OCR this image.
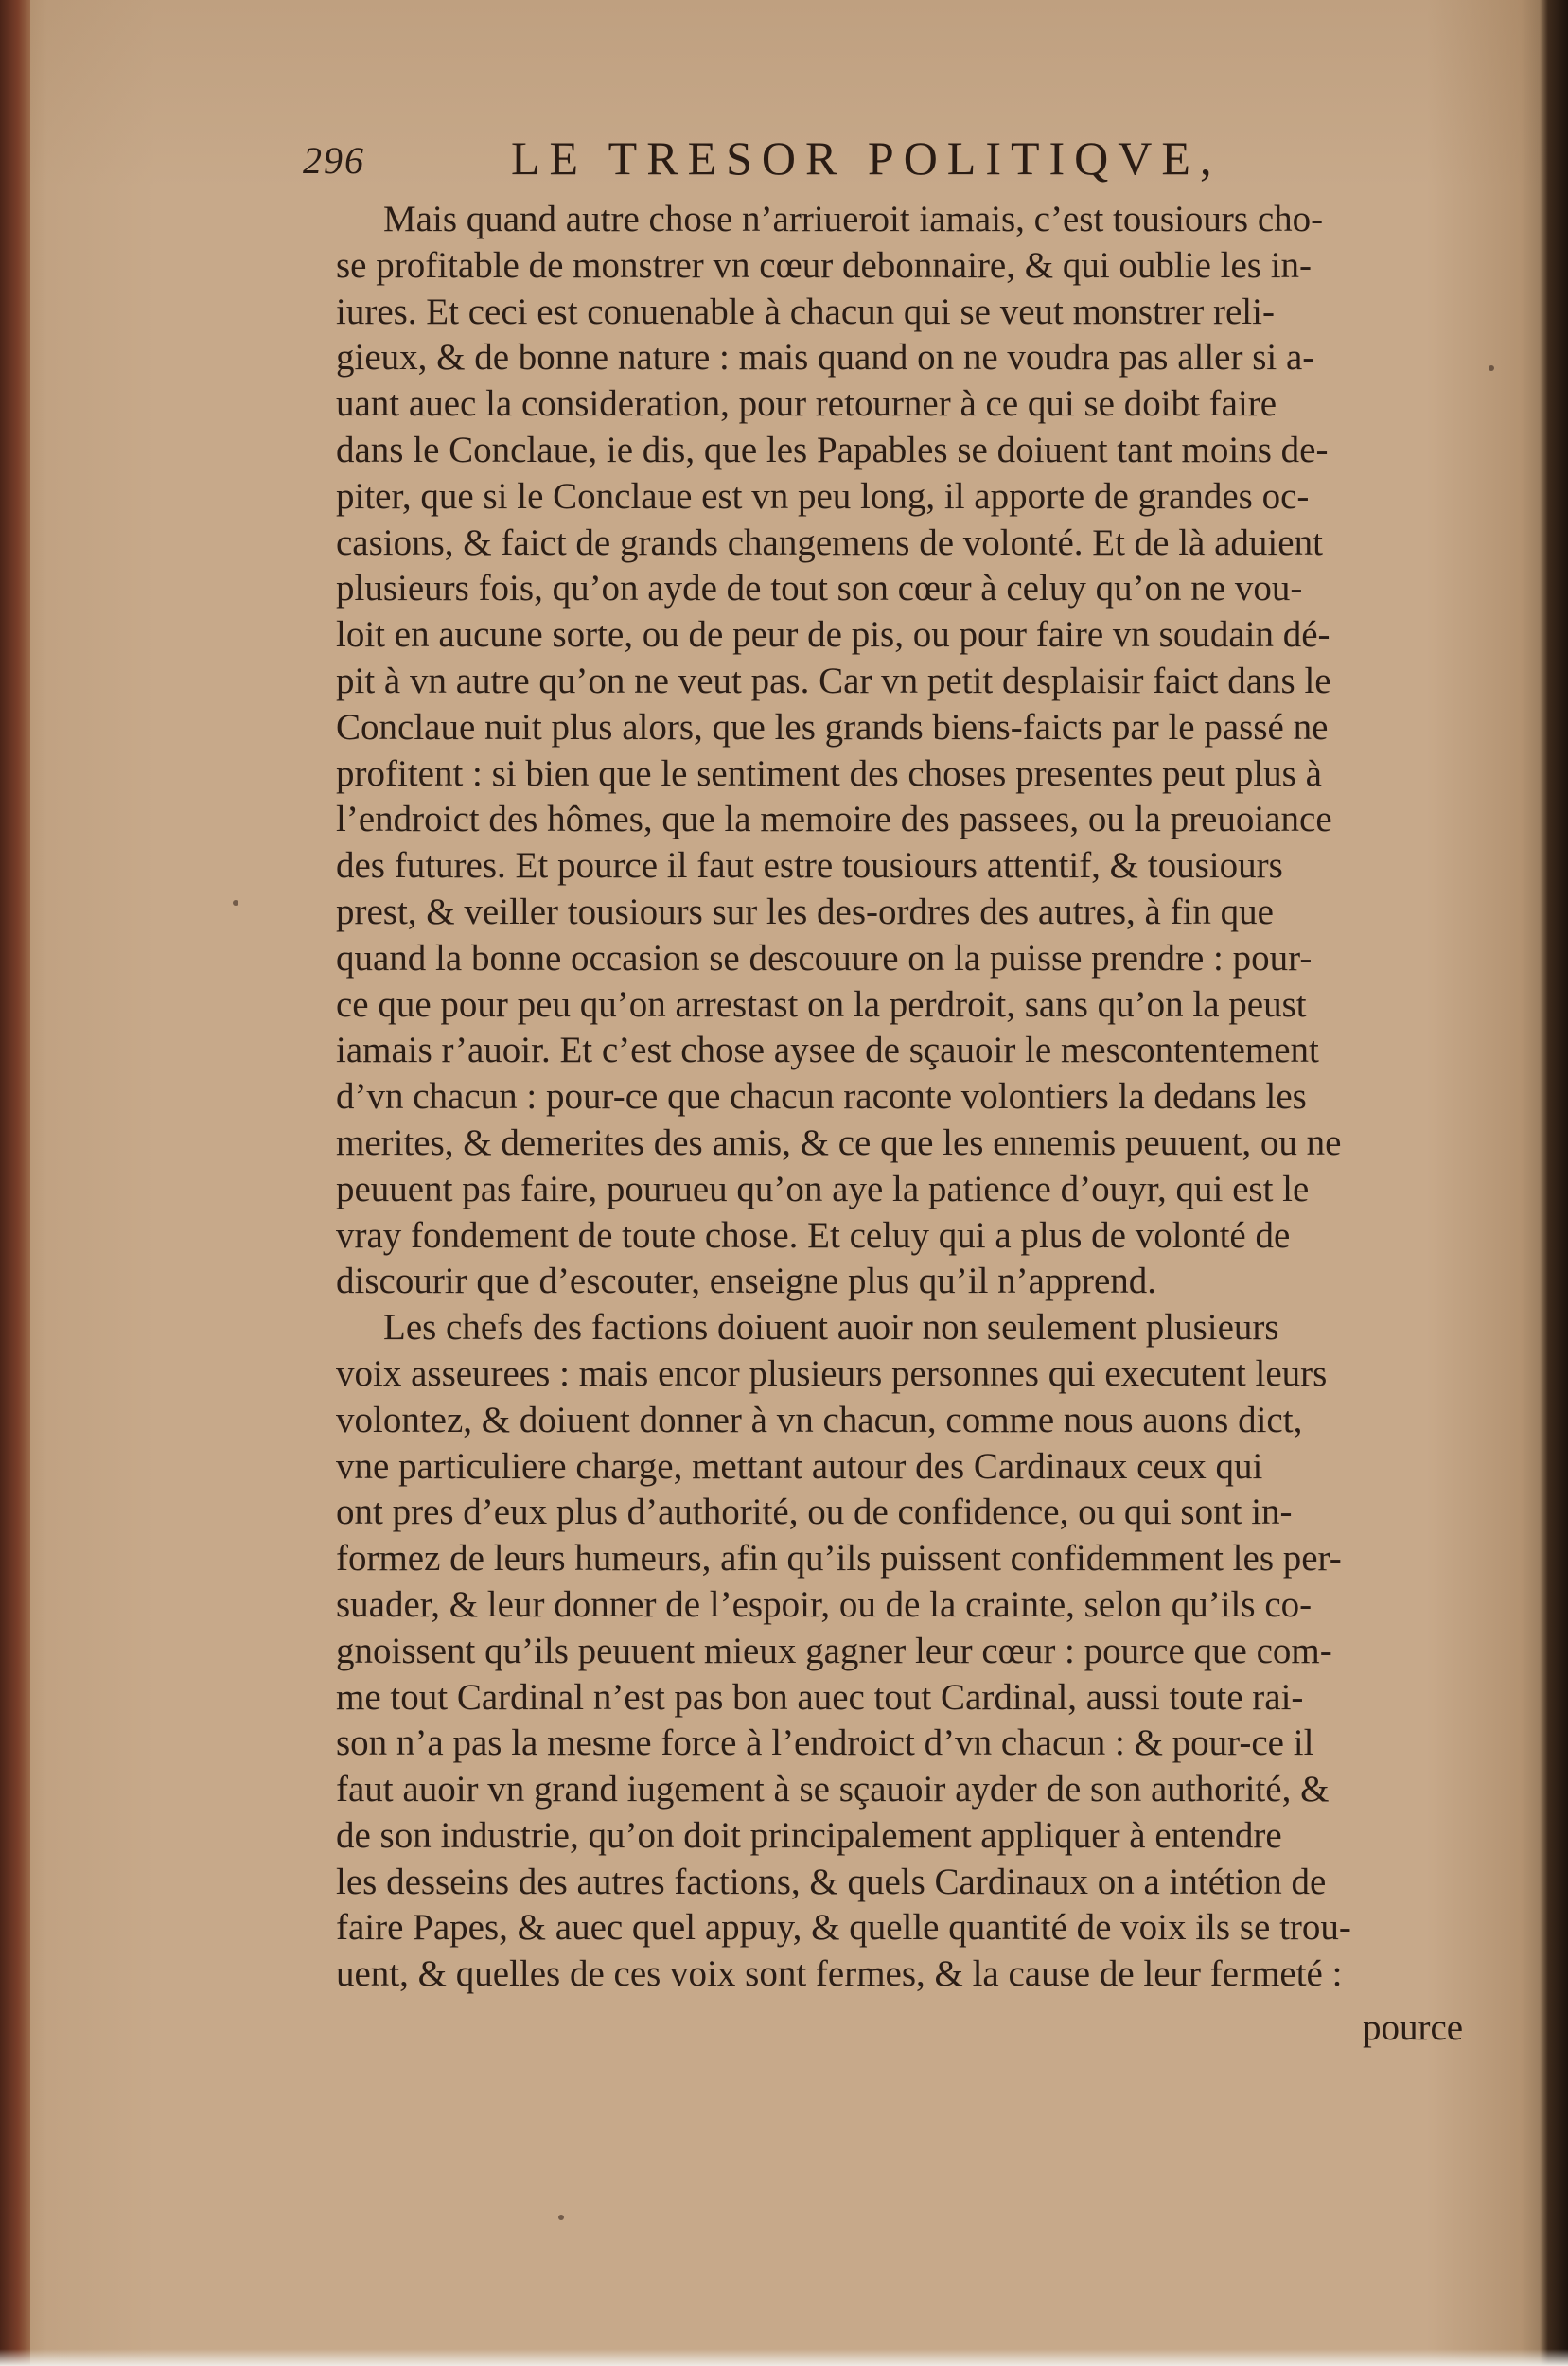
296	LE TRESOR POLITIQVE,
Mais quand autre chose n’arriueroit iamais, c’est tousiours cho-
se profitable de monstrer vn cœur debonnaire, & qui oublie les in-
iures. Et ceci est conuenable à chacun qui se veut monstrer reli-
gieux, & de bonne nature : mais quand on ne voudra pas aller si a-
uant auec la consideration, pour retourner à ce qui se doibt faire
dans le Conclaue, ie dis, que les Papables se doiuent tant moins de-
piter, que si le Conclaue est vn peu long, il apporte de grandes oc-
casions, & faict de grands changemens de volonté. Et de là aduient
plusieurs fois, qu’on ayde de tout son cœur à celuy qu’on ne vou-
loit en aucune sorte, ou de peur de pis, ou pour faire vn soudain dé-
pit à vn autre qu’on ne veut pas. Car vn petit desplaisir faict dans le
Conclaue nuit plus alors, que les grands biens-faicts par le passé ne
profitent : si bien que le sentiment des choses presentes peut plus à
l’endroict des hômes, que la memoire des passees, ou la preuoiance
des futures. Et pource il faut estre tousiours attentif, & tousiours
prest, & veiller tousiours sur les des-ordres des autres, à fin que
quand la bonne occasion se descouure on la puisse prendre : pour-
ce que pour peu qu’on arrestast on la perdroit, sans qu’on la peust
iamais r’auoir. Et c’est chose aysee de sçauoir le mescontentement
d’vn chacun : pour-ce que chacun raconte volontiers la dedans les
merites, & demerites des amis, & ce que les ennemis peuuent, ou ne
peuuent pas faire, pourueu qu’on aye la patience d’ouyr, qui est le
vray fondement de toute chose. Et celuy qui a plus de volonté de
discourir que d’escouter, enseigne plus qu’il n’apprend.
Les chefs des factions doiuent auoir non seulement plusieurs
voix asseurees : mais encor plusieurs personnes qui executent leurs
volontez, & doiuent donner à vn chacun, comme nous auons dict,
vne particuliere charge, mettant autour des Cardinaux ceux qui
ont pres d’eux plus d’authorité, ou de confidence, ou qui sont in-
formez de leurs humeurs, afin qu’ils puissent confidemment les per-
suader, & leur donner de l’espoir, ou de la crainte, selon qu’ils co-
gnoissent qu’ils peuuent mieux gagner leur cœur : pource que com-
me tout Cardinal n’est pas bon auec tout Cardinal, aussi toute rai-
son n’a pas la mesme force à l’endroict d’vn chacun : & pour-ce il
faut auoir vn grand iugement à se sçauoir ayder de son authorité, &
de son industrie, qu’on doit principalement appliquer à entendre
les desseins des autres factions, & quels Cardinaux on a intétion de
faire Papes, & auec quel appuy, & quelle quantité de voix ils se trou-
uent, & quelles de ces voix sont fermes, & la cause de leur fermeté :
pource
